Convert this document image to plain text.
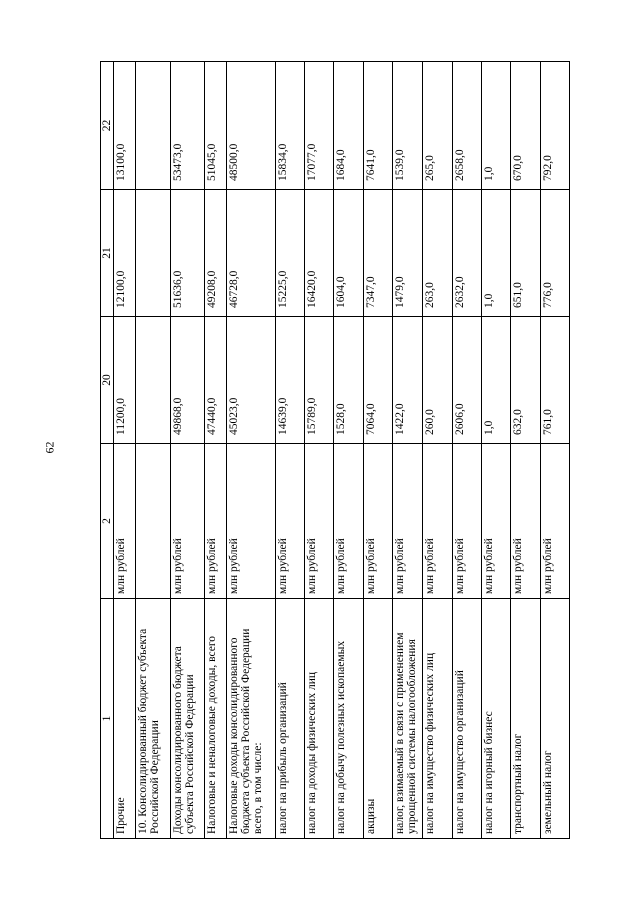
62
1	2	20	21	22
Прочие	млн рублей	11200,0	12100,0	13100,0
10. Консолидированный бюджет субъекта Российской Федерации				
Доходы консолидированного бюджета субъекта Российской Федерации	млн рублей	49868,0	51636,0	53473,0
Налоговые и неналоговые доходы, всего	млн рублей	47440,0	49208,0	51045,0
Налоговые доходы консолидированного бюджета субъекта Российской Федерации всего, в том числе:	млн рублей	45023,0	46728,0	48500,0
налог на прибыль организаций	млн рублей	14639,0	15225,0	15834,0
налог на доходы физических лиц	млн рублей	15789,0	16420,0	17077,0
налог на добычу полезных ископаемых	млн рублей	1528,0	1604,0	1684,0
акцизы	млн рублей	7064,0	7347,0	7641,0
налог, взимаемый в связи с применением упрощенной системы налогообложения	млн рублей	1422,0	1479,0	1539,0
налог на имущество физических лиц	млн рублей	260,0	263,0	265,0
налог на имущество организаций	млн рублей	2606,0	2632,0	2658,0
налог на игорный бизнес	млн рублей	1,0	1,0	1,0
транспортный налог	млн рублей	632,0	651,0	670,0
земельный налог	млн рублей	761,0	776,0	792,0
